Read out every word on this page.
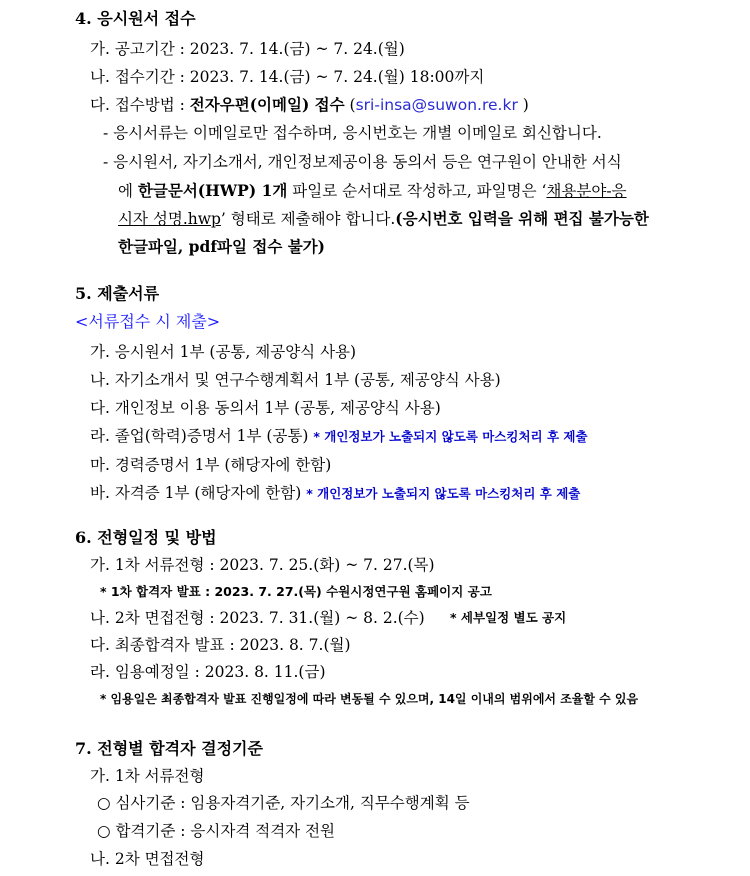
4. 응시원서 접수
가. 공고기간 : 2023. 7. 14.(금) ~ 7. 24.(월)
나. 접수기간 : 2023. 7. 14.(금) ~ 7. 24.(월) 18:00까지
다. 접수방법 : 전자우편(이메일) 접수 (sri-insa@suwon.re.kr )
- 응시서류는 이메일로만 접수하며, 응시번호는 개별 이메일로 회신합니다.
- 응시원서, 자기소개서, 개인정보제공이용 동의서 등은 연구원이 안내한 서식
에 한글문서(HWP) 1개 파일로 순서대로 작성하고, 파일명은 ‘채용분야-응
시자 성명.hwp’ 형태로 제출해야 합니다.(응시번호 입력을 위해 편집 불가능한
한글파일, pdf파일 접수 불가)
5. 제출서류
<서류접수 시 제출>
가. 응시원서 1부 (공통, 제공양식 사용)
나. 자기소개서 및 연구수행계획서 1부 (공통, 제공양식 사용)
다. 개인정보 이용 동의서 1부 (공통, 제공양식 사용)
라. 졸업(학력)증명서 1부 (공통) * 개인정보가 노출되지 않도록 마스킹처리 후 제출
마. 경력증명서 1부 (해당자에 한함)
바. 자격증 1부 (해당자에 한함) * 개인정보가 노출되지 않도록 마스킹처리 후 제출
6. 전형일정 및 방법
가. 1차 서류전형 : 2023. 7. 25.(화) ~ 7. 27.(목)
* 1차 합격자 발표 : 2023. 7. 27.(목) 수원시정연구원 홈페이지 공고
나. 2차 면접전형 : 2023. 7. 31.(월) ~ 8. 2.(수) * 세부일정 별도 공지
다. 최종합격자 발표 : 2023. 8. 7.(월)
라. 임용예정일 : 2023. 8. 11.(금)
* 임용일은 최종합격자 발표 진행일정에 따라 변동될 수 있으며, 14일 이내의 범위에서 조율할 수 있음
7. 전형별 합격자 결정기준
가. 1차 서류전형
○ 심사기준 : 임용자격기준, 자기소개, 직무수행계획 등
○ 합격기준 : 응시자격 적격자 전원
나. 2차 면접전형
